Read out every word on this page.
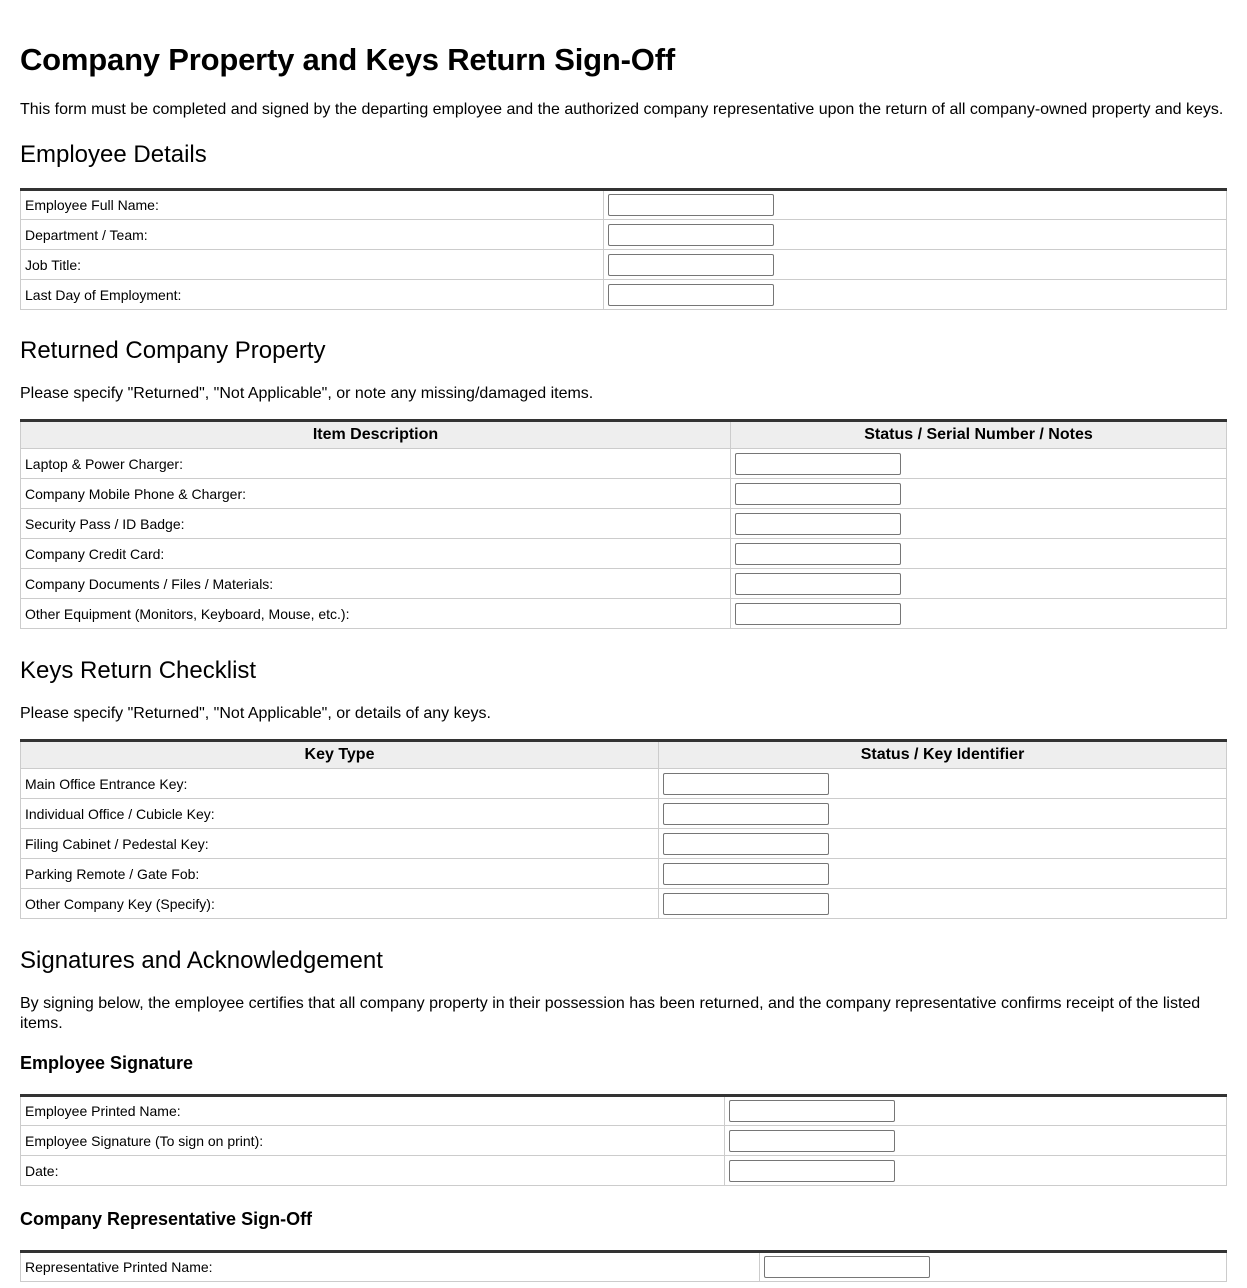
Company Property and Keys Return Sign-Off
This form must be completed and signed by the departing employee and the authorized company representative upon the return of all company-owned property and keys.
Employee Details
Employee Full Name:	
Department / Team:	
Job Title:	
Last Day of Employment:	
Returned Company Property
Please specify "Returned", "Not Applicable", or note any missing/damaged items.
Item Description	Status / Serial Number / Notes
Laptop & Power Charger:	
Company Mobile Phone & Charger:	
Security Pass / ID Badge:	
Company Credit Card:	
Company Documents / Files / Materials:	
Other Equipment (Monitors, Keyboard, Mouse, etc.):	
Keys Return Checklist
Please specify "Returned", "Not Applicable", or details of any keys.
Key Type	Status / Key Identifier
Main Office Entrance Key:	
Individual Office / Cubicle Key:	
Filing Cabinet / Pedestal Key:	
Parking Remote / Gate Fob:	
Other Company Key (Specify):	
Signatures and Acknowledgement
By signing below, the employee certifies that all company property in their possession has been returned, and the company representative confirms receipt of the listed items.
Employee Signature
Employee Printed Name:	
Employee Signature (To sign on print):	
Date:	
Company Representative Sign-Off
Representative Printed Name:	
